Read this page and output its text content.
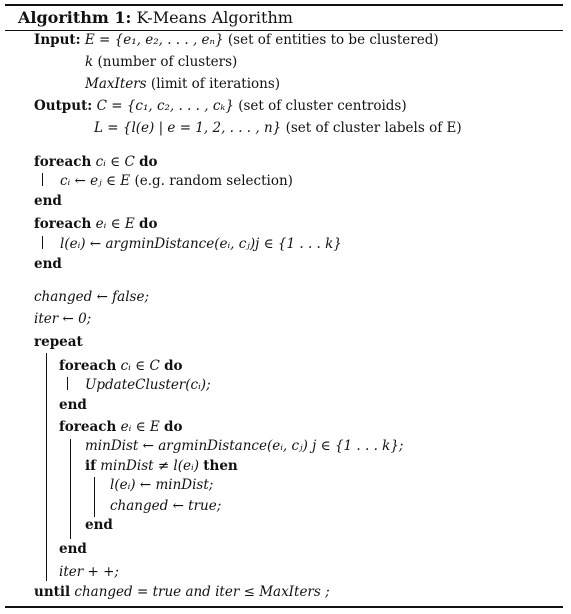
Algorithm 1: K-Means Algorithm
Input: E = {e₁, e₂, . . . , eₙ} (set of entities to be clustered)
k (number of clusters)
MaxIters (limit of iterations)
Output: C = {c₁, c₂, . . . , cₖ} (set of cluster centroids)
L = {l(e) | e = 1, 2, . . . , n} (set of cluster labels of E)
foreach cᵢ ∈ C do
cᵢ ← eⱼ ∈ E (e.g. random selection)
end
foreach eᵢ ∈ E do
l(eᵢ) ← argminDistance(eᵢ, cⱼ)j ∈ {1 . . . k}
end
changed ← false;
iter ← 0;
repeat
foreach cᵢ ∈ C do
UpdateCluster(cᵢ);
end
foreach eᵢ ∈ E do
minDist ← argminDistance(eᵢ, cⱼ) j ∈ {1 . . . k};
if minDist ≠ l(eᵢ) then
l(eᵢ) ← minDist;
changed ← true;
end
end
iter + +;
until changed = true and iter ≤ MaxIters ;
